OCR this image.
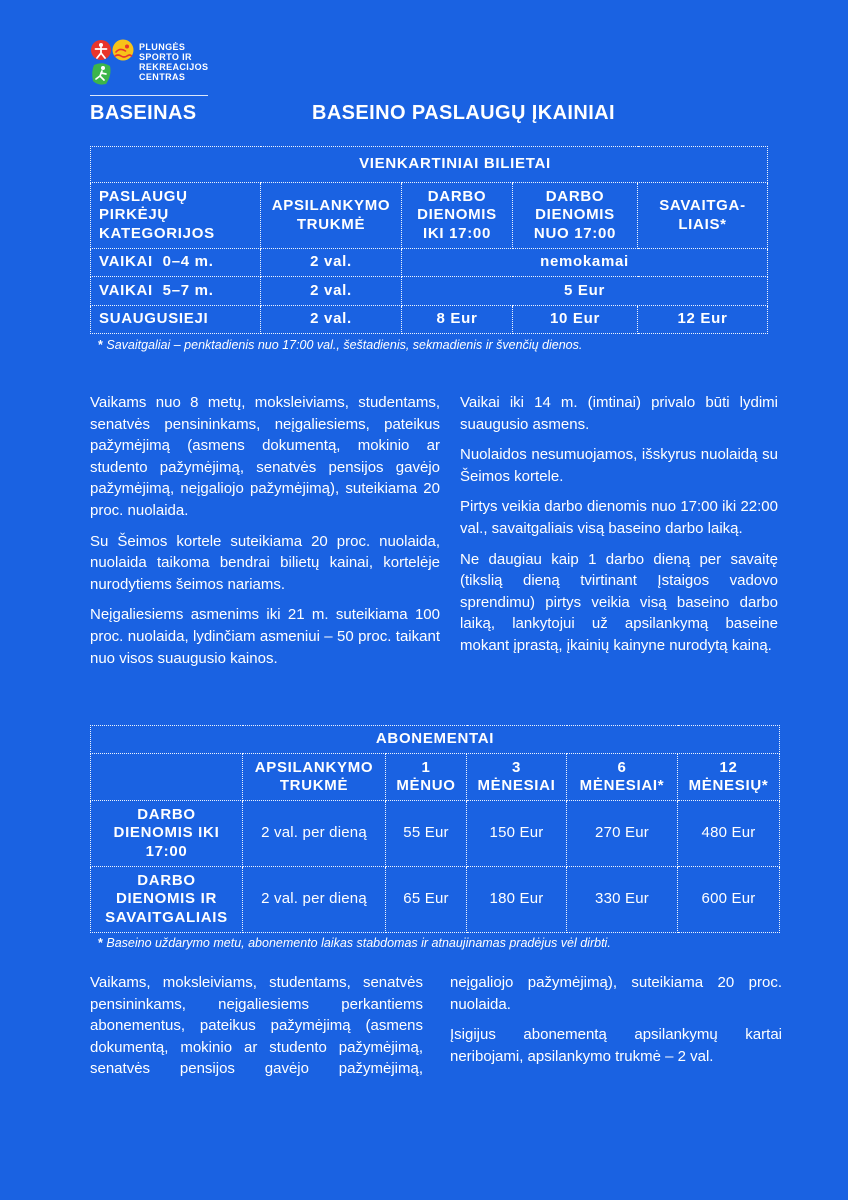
PLUNGĖS
SPORTO IR
REKREACIJOS
CENTRAS
BASEINAS	BASEINO PASLAUGŲ ĮKAINIAI
VIENKARTINIAI BILIETAI				
PASLAUGŲ
PIRKĖJŲ
KATEGORIJOS	APSILANKYMO
TRUKMĖ	DARBO
DIENOMIS
IKI 17:00	DARBO
DIENOMIS
NUO 17:00	SAVAITGA-
LIAIS*
VAIKAI  0–4 m.	2 val.	nemokamai		
VAIKAI  5–7 m.	2 val.	5 Eur		
SUAUGUSIEJI	2 val.	8 Eur	10 Eur	12 Eur
* Savaitgaliai – penktadienis nuo 17:00 val., šeštadienis, sekmadienis ir švenčių dienos.

Vaikams nuo 8 metų, moksleiviams, studentams, senatvės pensininkams, neįgaliesiems, pateikus pažymėjimą (asmens dokumentą, mokinio ar studento pažymėjimą, senatvės pensijos gavėjo pažymėjimą, neįgaliojo pažymėjimą), suteikiama 20 proc. nuolaida.

Su Šeimos kortele suteikiama 20 proc. nuolaida, nuolaida taikoma bendrai bilietų kainai, kortelėje nurodytiems šeimos nariams.

Neįgaliesiems asmenims iki 21 m. suteikiama 100 proc. nuolaida, lydinčiam asmeniui – 50 proc. taikant nuo visos suaugusio kainos.

Vaikai iki 14 m. (imtinai) privalo būti lydimi suaugusio asmens.

Nuolaidos nesumuojamos, išskyrus nuolaidą su Šeimos kortele.

Pirtys veikia darbo dienomis nuo 17:00 iki 22:00 val., savaitgaliais visą baseino darbo laiką.

Ne daugiau kaip 1 darbo dieną per savaitę (tikslią dieną tvirtinant Įstaigos vadovo sprendimu) pirtys veikia visą baseino darbo laiką, lankytojui už apsilankymą baseine mokant įprastą, įkainių kainyne nurodytą kainą.

ABONEMENTAI					
	APSILANKYMO
TRUKMĖ	1
MĖNUO	3
MĖNESIAI	6
MĖNESIAI*	12
MĖNESIŲ*
DARBO
DIENOMIS IKI
17:00	2 val. per dieną	55 Eur	150 Eur	270 Eur	480 Eur
DARBO
DIENOMIS IR
SAVAITGALIAIS	2 val. per dieną	65 Eur	180 Eur	330 Eur	600 Eur
* Baseino uždarymo metu, abonemento laikas stabdomas ir atnaujinamas pradėjus vėl dirbti.

Vaikams, moksleiviams, studentams, senatvės pensininkams, neįgaliesiems perkantiems abonementus, pateikus pažymėjimą (asmens dokumentą, mokinio ar studento pažymėjimą, senatvės pensijos gavėjo pažymėjimą,

neįgaliojo pažymėjimą), suteikiama 20 proc. nuolaida.

Įsigijus abonementą apsilankymų kartai neribojami, apsilankymo trukmė – 2 val.
